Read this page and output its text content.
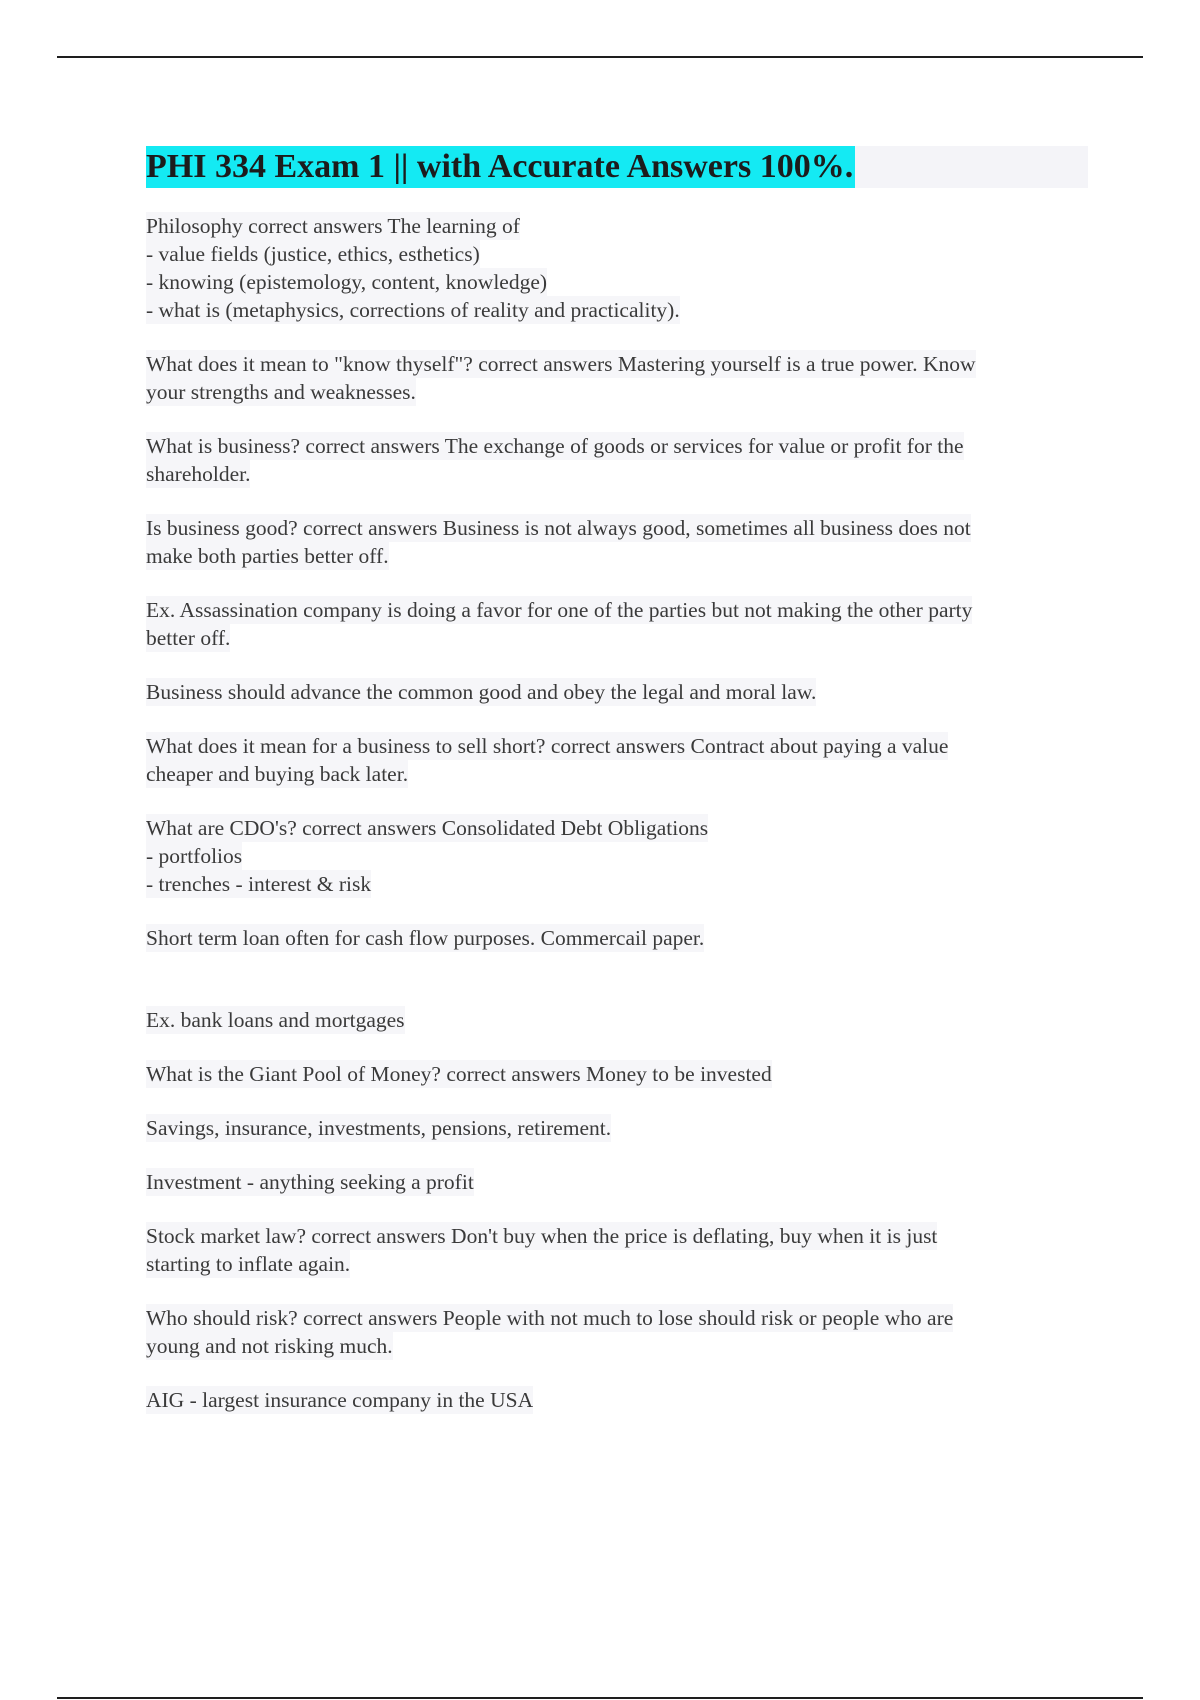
PHI 334 Exam 1 || with Accurate Answers 100%.
Philosophy correct answers The learning of
- value fields (justice, ethics, esthetics)
- knowing (epistemology, content, knowledge)
- what is (metaphysics, corrections of reality and practicality).
What does it mean to "know thyself"? correct answers Mastering yourself is a true power. Know
your strengths and weaknesses.
What is business? correct answers The exchange of goods or services for value or profit for the
shareholder.
Is business good? correct answers Business is not always good, sometimes all business does not
make both parties better off.
Ex. Assassination company is doing a favor for one of the parties but not making the other party
better off.
Business should advance the common good and obey the legal and moral law.
What does it mean for a business to sell short? correct answers Contract about paying a value
cheaper and buying back later.
What are CDO's? correct answers Consolidated Debt Obligations
- portfolios
- trenches - interest & risk
Short term loan often for cash flow purposes. Commercail paper.
Ex. bank loans and mortgages
What is the Giant Pool of Money? correct answers Money to be invested
Savings, insurance, investments, pensions, retirement.
Investment - anything seeking a profit
Stock market law? correct answers Don't buy when the price is deflating, buy when it is just
starting to inflate again.
Who should risk? correct answers People with not much to lose should risk or people who are
young and not risking much.
AIG - largest insurance company in the USA
